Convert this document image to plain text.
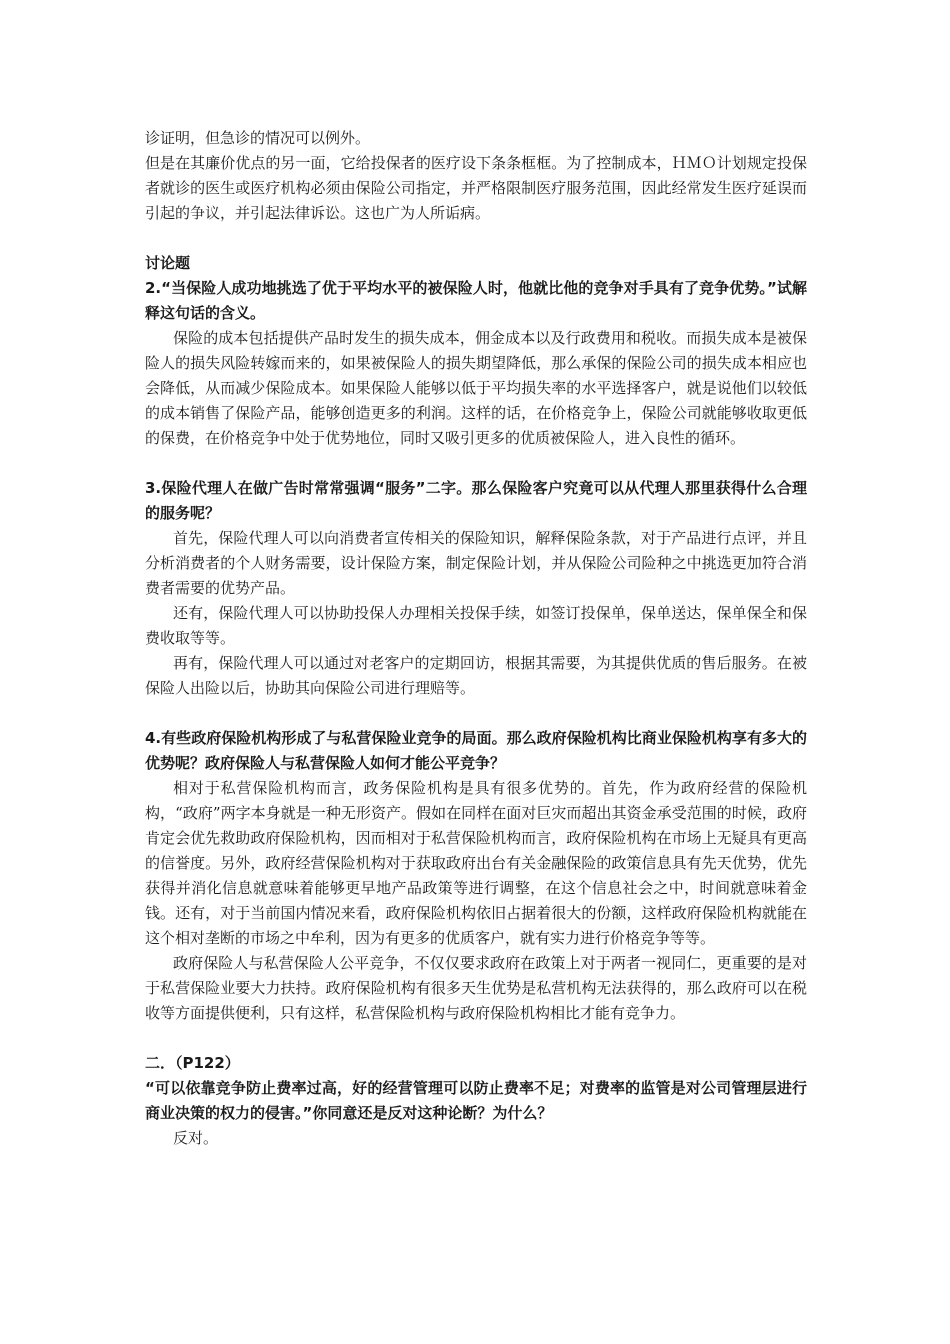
诊证明，但急诊的情况可以例外。

但是在其廉价优点的另一面，它给投保者的医疗设下条条框框。为了控制成本，ＨＭＯ计划规定投保者就诊的医生或医疗机构必须由保险公司指定，并严格限制医疗服务范围，因此经常发生医疗延误而引起的争议，并引起法律诉讼。这也广为人所诟病。

讨论题

2.“当保险人成功地挑选了优于平均水平的被保险人时，他就比他的竞争对手具有了竞争优势。”试解释这句话的含义。

保险的成本包括提供产品时发生的损失成本，佣金成本以及行政费用和税收。而损失成本是被保险人的损失风险转嫁而来的，如果被保险人的损失期望降低，那么承保的保险公司的损失成本相应也会降低，从而减少保险成本。如果保险人能够以低于平均损失率的水平选择客户，就是说他们以较低的成本销售了保险产品，能够创造更多的利润。这样的话，在价格竞争上，保险公司就能够收取更低的保费，在价格竞争中处于优势地位，同时又吸引更多的优质被保险人，进入良性的循环。

3.保险代理人在做广告时常常强调“服务”二字。那么保险客户究竟可以从代理人那里获得什么合理的服务呢？

首先，保险代理人可以向消费者宣传相关的保险知识，解释保险条款，对于产品进行点评，并且分析消费者的个人财务需要，设计保险方案，制定保险计划，并从保险公司险种之中挑选更加符合消费者需要的优势产品。

还有，保险代理人可以协助投保人办理相关投保手续，如签订投保单，保单送达，保单保全和保费收取等等。

再有，保险代理人可以通过对老客户的定期回访，根据其需要，为其提供优质的售后服务。在被保险人出险以后，协助其向保险公司进行理赔等。

4.有些政府保险机构形成了与私营保险业竞争的局面。那么政府保险机构比商业保险机构享有多大的优势呢？政府保险人与私营保险人如何才能公平竞争？

相对于私营保险机构而言，政务保险机构是具有很多优势的。首先，作为政府经营的保险机构，“政府”两字本身就是一种无形资产。假如在同样在面对巨灾而超出其资金承受范围的时候，政府肯定会优先救助政府保险机构，因而相对于私营保险机构而言，政府保险机构在市场上无疑具有更高的信誉度。另外，政府经营保险机构对于获取政府出台有关金融保险的政策信息具有先天优势，优先获得并消化信息就意味着能够更早地产品政策等进行调整，在这个信息社会之中，时间就意味着金钱。还有，对于当前国内情况来看，政府保险机构依旧占据着很大的份额，这样政府保险机构就能在这个相对垄断的市场之中牟利，因为有更多的优质客户，就有实力进行价格竞争等等。

政府保险人与私营保险人公平竞争，不仅仅要求政府在政策上对于两者一视同仁，更重要的是对于私营保险业要大力扶持。政府保险机构有很多天生优势是私营机构无法获得的，那么政府可以在税收等方面提供便利，只有这样，私营保险机构与政府保险机构相比才能有竞争力。

二．（P122）

“可以依靠竞争防止费率过高，好的经营管理可以防止费率不足；对费率的监管是对公司管理层进行商业决策的权力的侵害。”你同意还是反对这种论断？为什么？

反对。
